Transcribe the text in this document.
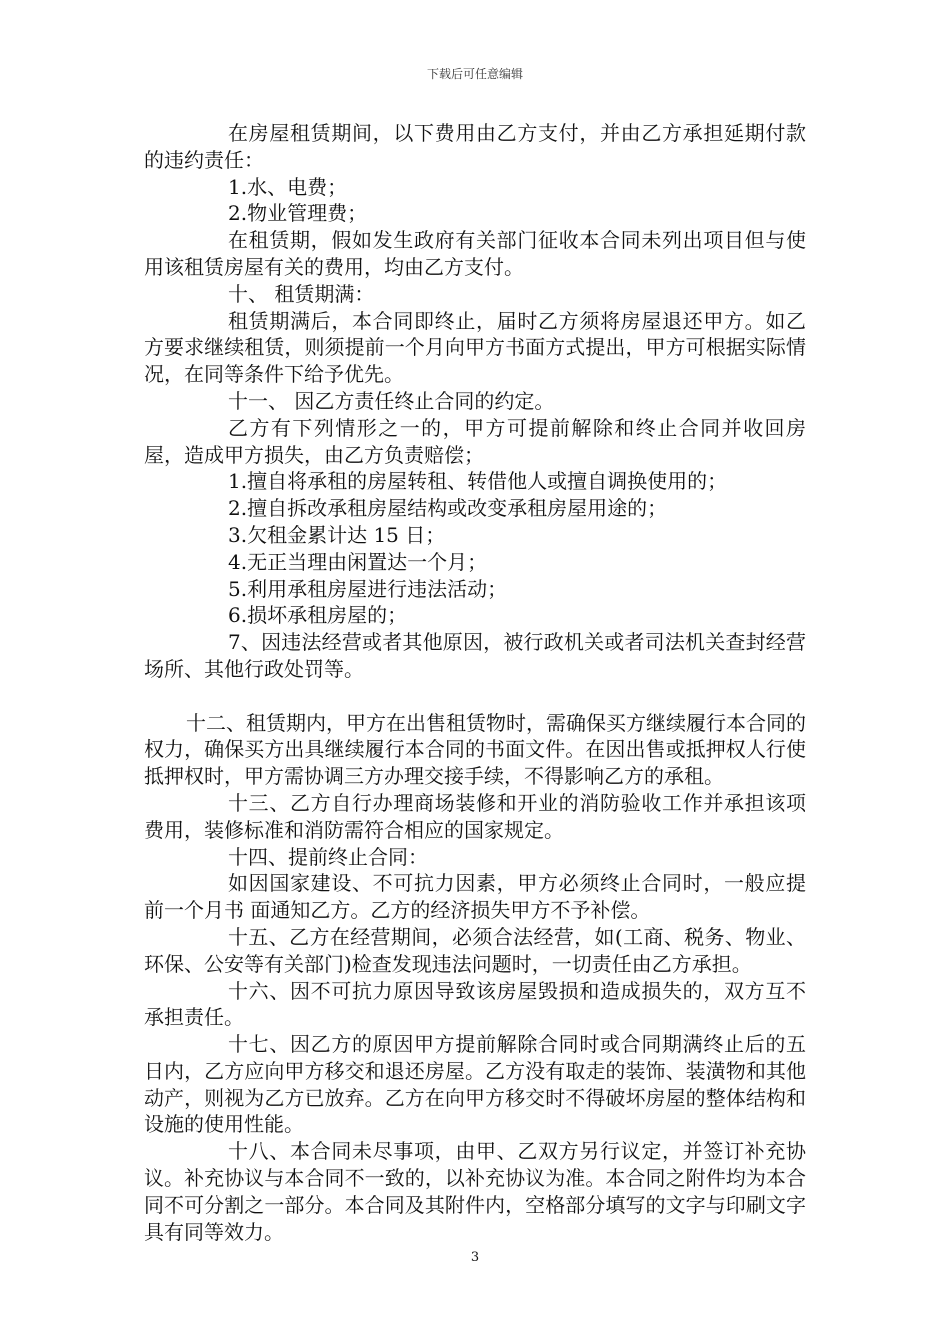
下载后可任意编辑

在房屋租赁期间，以下费用由乙方支付，并由乙方承担延期付款的违约责任：

1.水、电费；

2.物业管理费；

在租赁期，假如发生政府有关部门征收本合同未列出项目但与使用该租赁房屋有关的费用，均由乙方支付。

十、 租赁期满：

租赁期满后，本合同即终止，届时乙方须将房屋退还甲方。如乙方要求继续租赁，则须提前一个月向甲方书面方式提出，甲方可根据实际情况，在同等条件下给予优先。

十一、 因乙方责任终止合同的约定。

乙方有下列情形之一的，甲方可提前解除和终止合同并收回房屋，造成甲方损失，由乙方负责赔偿；

1.擅自将承租的房屋转租、转借他人或擅自调换使用的；

2.擅自拆改承租房屋结构或改变承租房屋用途的；

3.欠租金累计达 15 日；

4.无正当理由闲置达一个月；

5.利用承租房屋进行违法活动；

6.损坏承租房屋的；

7、因违法经营或者其他原因，被行政机关或者司法机关查封经营场所、其他行政处罚等。

十二、租赁期内，甲方在出售租赁物时，需确保买方继续履行本合同的权力，确保买方出具继续履行本合同的书面文件。在因出售或抵押权人行使抵押权时，甲方需协调三方办理交接手续，不得影响乙方的承租。

十三、乙方自行办理商场装修和开业的消防验收工作并承担该项费用，装修标准和消防需符合相应的国家规定。

十四、提前终止合同：

如因国家建设、不可抗力因素，甲方必须终止合同时，一般应提前一个月书 面通知乙方。乙方的经济损失甲方不予补偿。

十五、乙方在经营期间，必须合法经营，如(工商、税务、物业、环保、公安等有关部门)检查发现违法问题时，一切责任由乙方承担。

十六、因不可抗力原因导致该房屋毁损和造成损失的，双方互不承担责任。

十七、因乙方的原因甲方提前解除合同时或合同期满终止后的五日内，乙方应向甲方移交和退还房屋。乙方没有取走的装饰、装潢物和其他动产，则视为乙方已放弃。乙方在向甲方移交时不得破坏房屋的整体结构和设施的使用性能。

十八、本合同未尽事项，由甲、乙双方另行议定，并签订补充协议。补充协议与本合同不一致的，以补充协议为准。本合同之附件均为本合同不可分割之一部分。本合同及其附件内，空格部分填写的文字与印刷文字具有同等效力。

3
